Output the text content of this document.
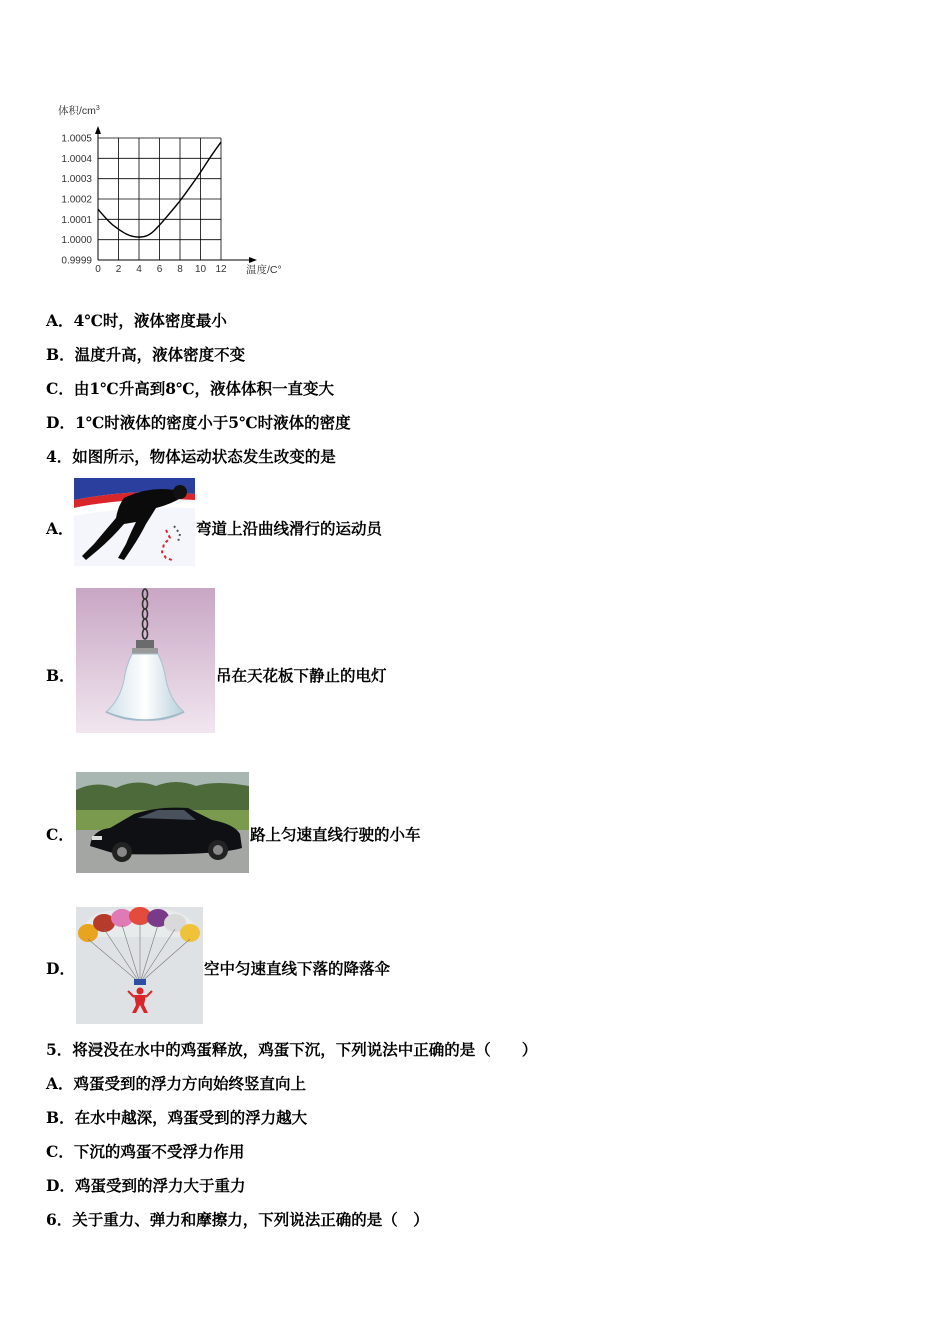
1.0005
1.0004
1.0003
1.0002
1.0001
1.0000
0.9999
0 2 4 6 8 10 12
体积$/cm^3$
温度/C°
A．4℃时，液体密度最小
B．温度升高，液体密度不变
C．由1℃升高到8℃，液体体积一直变大
D．1℃时液体的密度小于5℃时液体的密度
4．如图所示，物体运动状态发生改变的是
A．	弯道上沿曲线滑行的运动员
B．	吊在天花板下静止的电灯
C．	路上匀速直线行驶的小车
D．	空中匀速直线下落的降落伞
5．将浸没在水中的鸡蛋释放，鸡蛋下沉，下列说法中正确的是（　　）
A．鸡蛋受到的浮力方向始终竖直向上
B．在水中越深，鸡蛋受到的浮力越大
C．下沉的鸡蛋不受浮力作用
D．鸡蛋受到的浮力大于重力
6．关于重力、弹力和摩擦力，下列说法正确的是（　）
